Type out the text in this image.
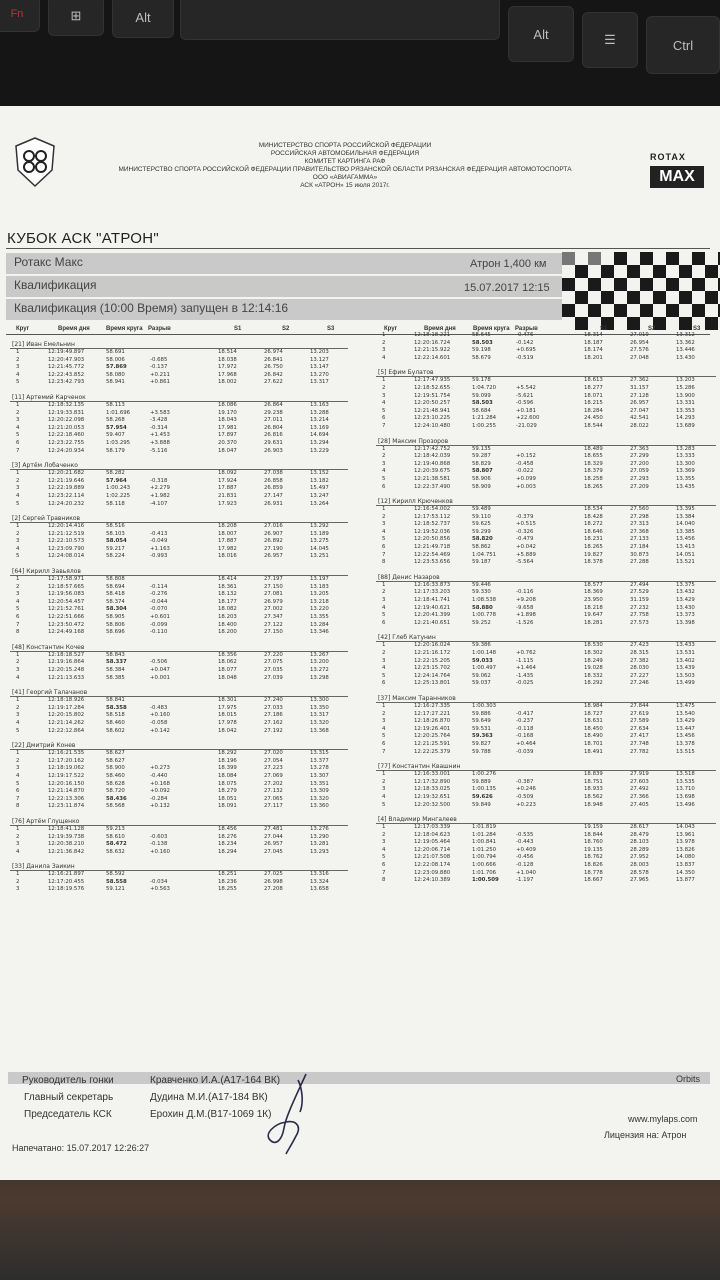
Fn	⊞	Alt
Alt	☰	Ctrl
МИНИСТЕРСТВО СПОРТА РОССИЙСКОЙ ФЕДЕРАЦИИ
РОССИЙСКАЯ АВТОМОБИЛЬНАЯ ФЕДЕРАЦИЯ
КОМИТЕТ КАРТИНГА РАФ
МИНИСТЕРСТВО СПОРТА РОССИЙСКОЙ ФЕДЕРАЦИИ ПРАВИТЕЛЬСТВО РЯЗАНСКОЙ ОБЛАСТИ РЯЗАНСКАЯ ФЕДЕРАЦИЯ АВТОМОТОСПОРТА
ООО «АВИАГАММА»
АСК «АТРОН» 15 июля 2017г.
ROTAX
MAX
КУБОК АСК "АТРОН"
Ротакс Макс
Квалификация
Квалификация (10:00 Время) запущен в 12:14:16
Атрон 1,400 км
15.07.2017 12:15
Круг	Время дня	Время круга Разрыв	S1	S2	S3	Круг	Время дня	Время круга Разрыв	S1	S2	S3
[21] Иван Емельнин
1	12:19:49.897	58.691	18.514	26.974	13.203
2	12:20:47.903	58.006	-0.685	18.038	26.841	13.127
3	12:21:45.772	57.869	-0.137	17.972	26.750	13.147
4	12:22:43.852	58.080	+0.211	17.968	26.842	13.270
5	12:23:42.793	58.941	+0.861	18.002	27.622	13.317
[11] Артемий Карченок
1	12:18:32.135	58.113	18.086	26.864	13.163
2	12:19:33.831	1:01.696	+3.583	19.170	29.238	13.288
3	12:20:22.098	58.268	-3.428	18.043	27.011	13.214
4	12:21:20.053	57.954	-0.314	17.981	26.804	13.169
5	12:22:18.460	59.407	+1.453	17.897	26.816	14.694
6	12:23:22.755	1:03.295	+3.888	20.370	29.631	13.294
7	12:24:20.934	58.179	-5.116	18.047	26.903	13.229
[3] Артём Лобаченко
1	12:20:21.682	58.282	18.092	27.038	13.152
2	12:21:19.646	57.964	-0.318	17.924	26.858	13.182
3	12:22:19.889	1:00.243	+2.279	17.887	26.859	15.497
4	12:23:22.114	1:02.225	+1.982	21.831	27.147	13.247
5	12:24:20.232	58.118	-4.107	17.923	26.931	13.264
[2] Сергей Травников
1	12:20:14.416	58.516	18.208	27.016	13.292
2	12:21:12.519	58.103	-0.413	18.007	26.907	13.189
3	12:22:10.573	58.054	-0.049	17.887	26.892	13.275
4	12:23:09.790	59.217	+1.163	17.982	27.190	14.045
5	12:24:08.014	58.224	-0.993	18.016	26.957	13.251
[64] Кирилл Завьялов
1	12:17:58.971	58.808	18.414	27.197	13.197
2	12:18:57.665	58.694	-0.114	18.361	27.150	13.183
3	12:19:56.083	58.418	-0.276	18.132	27.081	13.205
4	12:20:54.457	58.374	-0.044	18.177	26.979	13.218
5	12:21:52.761	58.304	-0.070	18.082	27.002	13.220
6	12:22:51.666	58.905	+0.601	18.203	27.347	13.355
7	12:23:50.472	58.806	-0.099	18.400	27.122	13.284
8	12:24:49.168	58.696	-0.110	18.200	27.150	13.346
[48] Константин Кочев
1	12:18:18.527	58.843	18.356	27.220	13.267
2	12:19:16.864	58.337	-0.506	18.062	27.075	13.200
3	12:20:15.248	58.384	+0.047	18.077	27.035	13.272
4	12:21:13.633	58.385	+0.001	18.048	27.039	13.298
[41] Георгий Талачанов
1	12:18:18.926	58.841	18.301	27.240	13.300
2	12:19:17.284	58.358	-0.483	17.975	27.033	13.350
3	12:20:15.802	58.518	+0.160	18.015	27.186	13.317
4	12:21:14.262	58.460	-0.058	17.978	27.162	13.320
5	12:22:12.864	58.602	+0.142	18.042	27.192	13.368
[22] Дмитрий Конев
1	12:16:21.535	58.627	18.292	27.020	13.315
2	12:17:20.162	58.627	18.196	27.054	13.377
3	12:18:19.062	58.900	+0.273	18.399	27.223	13.278
4	12:19:17.522	58.460	-0.440	18.084	27.069	13.307
5	12:20:16.150	58.628	+0.168	18.075	27.202	13.351
6	12:21:14.870	58.720	+0.092	18.279	27.132	13.309
7	12:22:13.306	58.436	-0.284	18.051	27.065	13.320
8	12:23:11.874	58.568	+0.132	18.091	27.117	13.360
[76] Артём Глущенко
1	12:18:41.128	59.213	18.456	27.481	13.276
2	12:19:39.738	58.610	-0.603	18.276	27.044	13.290
3	12:20:38.210	58.472	-0.138	18.234	26.957	13.281
4	12:21:36.842	58.632	+0.160	18.294	27.045	13.293
[33] Данила Заикин
1	12:16:21.897	58.592	18.251	27.025	13.316
2	12:17:20.455	58.558	-0.034	18.236	26.998	13.324
3	12:18:19.576	59.121	+0.563	18.255	27.208	13.658
1	12:18:18.221	58.645	-0.476	18.314	27.019	13.312
2	12:20:16.724	58.503	-0.142	18.187	26.954	13.362
3	12:21:15.922	59.198	+0.695	18.174	27.576	13.446
4	12:22:14.601	58.679	-0.519	18.201	27.048	13.430
[5] Ефим Булатов
1	12:17:47.935	59.178	18.613	27.362	13.203
2	12:18:52.655	1:04.720	+5.542	18.277	31.157	15.286
3	12:19:51.754	59.099	-5.621	18.071	27.128	13.900
4	12:20:50.257	58.503	-0.596	18.215	26.957	13.331
5	12:21:48.941	58.684	+0.181	18.284	27.047	13.353
6	12:23:10.225	1:21.284	+22.600	24.450	42.541	14.293
7	12:24:10.480	1:00.255	-21.029	18.544	28.022	13.689
[28] Максим Прозоров
1	12:17:42.752	59.135	18.489	27.363	13.283
2	12:18:42.039	59.287	+0.152	18.655	27.299	13.333
3	12:19:40.868	58.829	-0.458	18.329	27.200	13.300
4	12:20:39.675	58.807	-0.022	18.379	27.059	13.369
5	12:21:38.581	58.906	+0.099	18.258	27.293	13.355
6	12:22:37.490	58.909	+0.003	18.265	27.209	13.435
[12] Кирилл Крюченков
1	12:16:54.002	59.489	18.534	27.560	13.395
2	12:17:53.112	59.110	-0.379	18.428	27.298	13.384
3	12:18:52.737	59.625	+0.515	18.272	27.313	14.040
4	12:19:52.036	59.299	-0.326	18.646	27.368	13.385
5	12:20:50.856	58.820	-0.479	18.231	27.133	13.456
6	12:21:49.718	58.862	+0.042	18.265	27.184	13.413
7	12:22:54.469	1:04.751	+5.889	19.827	30.873	14.051
8	12:23:53.656	59.187	-5.564	18.378	27.288	13.521
[88] Денис Назаров
1	12:16:33.873	59.446	18.577	27.494	13.375
2	12:17:33.203	59.330	-0.116	18.369	27.529	13.432
3	12:18:41.741	1:08.538	+9.208	23.950	31.159	13.429
4	12:19:40.621	58.880	-9.658	18.218	27.232	13.430
5	12:20:41.399	1:00.778	+1.898	19.647	27.758	13.373
6	12:21:40.651	59.252	-1.526	18.281	27.573	13.398
[42] Глеб Катунин
1	12:20:16.024	59.386	18.530	27.423	13.433
2	12:21:16.172	1:00.148	+0.762	18.302	28.315	13.531
3	12:22:15.205	59.033	-1.115	18.249	27.382	13.402
4	12:23:15.702	1:00.497	+1.464	19.028	28.030	13.439
5	12:24:14.764	59.062	-1.435	18.332	27.227	13.503
6	12:25:13.801	59.037	-0.025	18.292	27.246	13.499
[37] Максим Таранников
1	12:16:27.335	1:00.303	18.984	27.844	13.475
2	12:17:27.221	59.886	-0.417	18.727	27.619	13.540
3	12:18:26.870	59.649	-0.237	18.631	27.589	13.429
4	12:19:26.401	59.531	-0.118	18.450	27.634	13.447
5	12:20:25.764	59.363	-0.168	18.490	27.417	13.456
6	12:21:25.591	59.827	+0.464	18.701	27.748	13.378
7	12:22:25.379	59.788	-0.039	18.491	27.782	13.515
[77] Константин Квашнин
1	12:16:33.001	1:00.276	18.839	27.919	13.518
2	12:17:32.890	59.889	-0.387	18.751	27.603	13.535
3	12:18:33.025	1:00.135	+0.246	18.933	27.492	13.710
4	12:19:32.651	59.626	-0.509	18.562	27.366	13.698
5	12:20:32.500	59.849	+0.223	18.948	27.405	13.496
[4] Владимир Мингалеев
1	12:17:03.339	1:01.819	19.159	28.617	14.043
2	12:18:04.623	1:01.284	-0.535	18.844	28.479	13.961
3	12:19:05.464	1:00.841	-0.443	18.760	28.103	13.978
4	12:20:06.714	1:01.250	+0.409	19.135	28.289	13.826
5	12:21:07.508	1:00.794	-0.456	18.762	27.952	14.080
6	12:22:08.174	1:00.666	-0.128	18.826	28.003	13.837
7	12:23:09.880	1:01.706	+1.040	18.778	28.578	14.350
8	12:24:10.389	1:00.509	-1.197	18.667	27.965	13.877
Руководитель гонки	Кравченко И.А.(А17-164 ВК)
Главный секретарь	Дудина М.И.(А17-184 ВК)
Председатель КСК	Ерохин Д.М.(В17-1069 1К)
Orbits
www.mylaps.com
Лицензия на: Атрон
Напечатано: 15.07.2017 12:26:27
